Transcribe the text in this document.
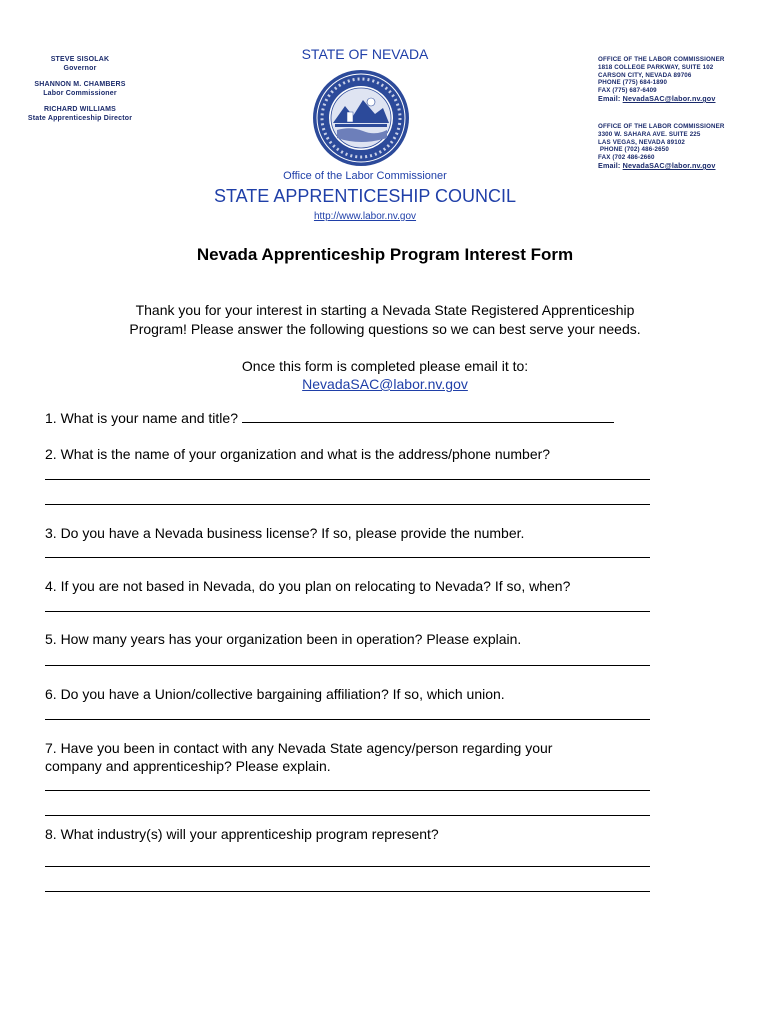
STEVE SISOLAK
Governor
SHANNON M. CHAMBERS
Labor Commissioner
RICHARD WILLIAMS
State Apprenticeship Director
STATE OF NEVADA
Office of the Labor Commissioner
STATE APPRENTICESHIP COUNCIL
http://www.labor.nv.gov
OFFICE OF THE LABOR COMMISSIONER
1818 COLLEGE PARKWAY, SUITE 102
CARSON CITY, NEVADA 89706
PHONE (775) 684-1890
FAX (775) 687-6409
Email: NevadaSAC@labor.nv.gov
OFFICE OF THE LABOR COMMISSIONER
3300 W. SAHARA AVE. SUITE 225
LAS VEGAS, NEVADA 89102
PHONE (702) 486-2650
FAX (702 486-2660
Email: NevadaSAC@labor.nv.gov
Nevada Apprenticeship Program Interest Form
Thank you for your interest in starting a Nevada State Registered Apprenticeship
Program! Please answer the following questions so we can best serve your needs.
Once this form is completed please email it to:
NevadaSAC@labor.nv.gov
1. What is your name and title?
2. What is the name of your organization and what is the address/phone number?
3. Do you have a Nevada business license? If so, please provide the number.
4. If you are not based in Nevada, do you plan on relocating to Nevada? If so, when?
5. How many years has your organization been in operation? Please explain.
6. Do you have a Union/collective bargaining affiliation? If so, which union.
7. Have you been in contact with any Nevada State agency/person regarding your company and apprenticeship? Please explain.
8. What industry(s) will your apprenticeship program represent?
